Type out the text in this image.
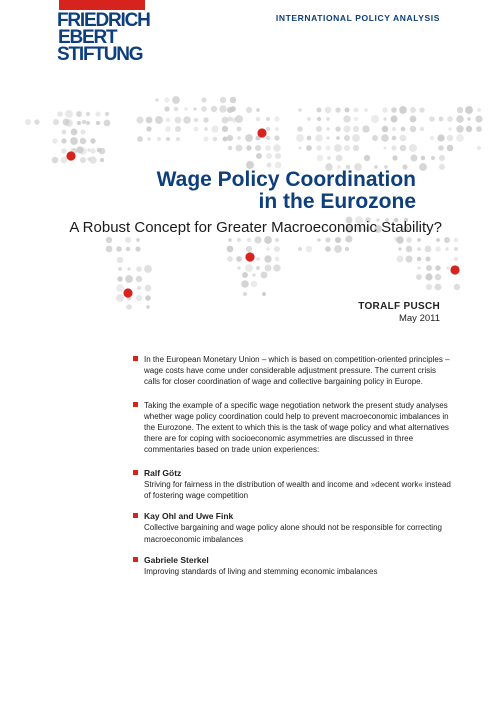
FRIEDRICH
EBERT
STIFTUNG
INTERNATIONAL POLICY ANALYSIS
Wage Policy Coordination
in the Eurozone
A Robust Concept for Greater Macroeconomic Stability?
TORALF PUSCH
May 2011
In the European Monetary Union – which is based on competition-oriented principles – wage costs have come under considerable adjustment pressure. The current crisis calls for closer coordination of wage and collective bargaining policy in Europe.
Taking the example of a specific wage negotiation network the present study analyses whether wage policy coordination could help to prevent macroeconomic imbalances in the Eurozone. The extent to which this is the task of wage policy and what alternatives there are for coping with socioeconomic asymmetries are discussed in three commentaries based on trade union experiences:
Ralf Götz
Striving for fairness in the distribution of wealth and income and »decent work« instead of fostering wage competition
Kay Ohl and Uwe Fink
Collective bargaining and wage policy alone should not be responsible for correcting macroeconomic imbalances
Gabriele Sterkel
Improving standards of living and stemming economic imbalances
